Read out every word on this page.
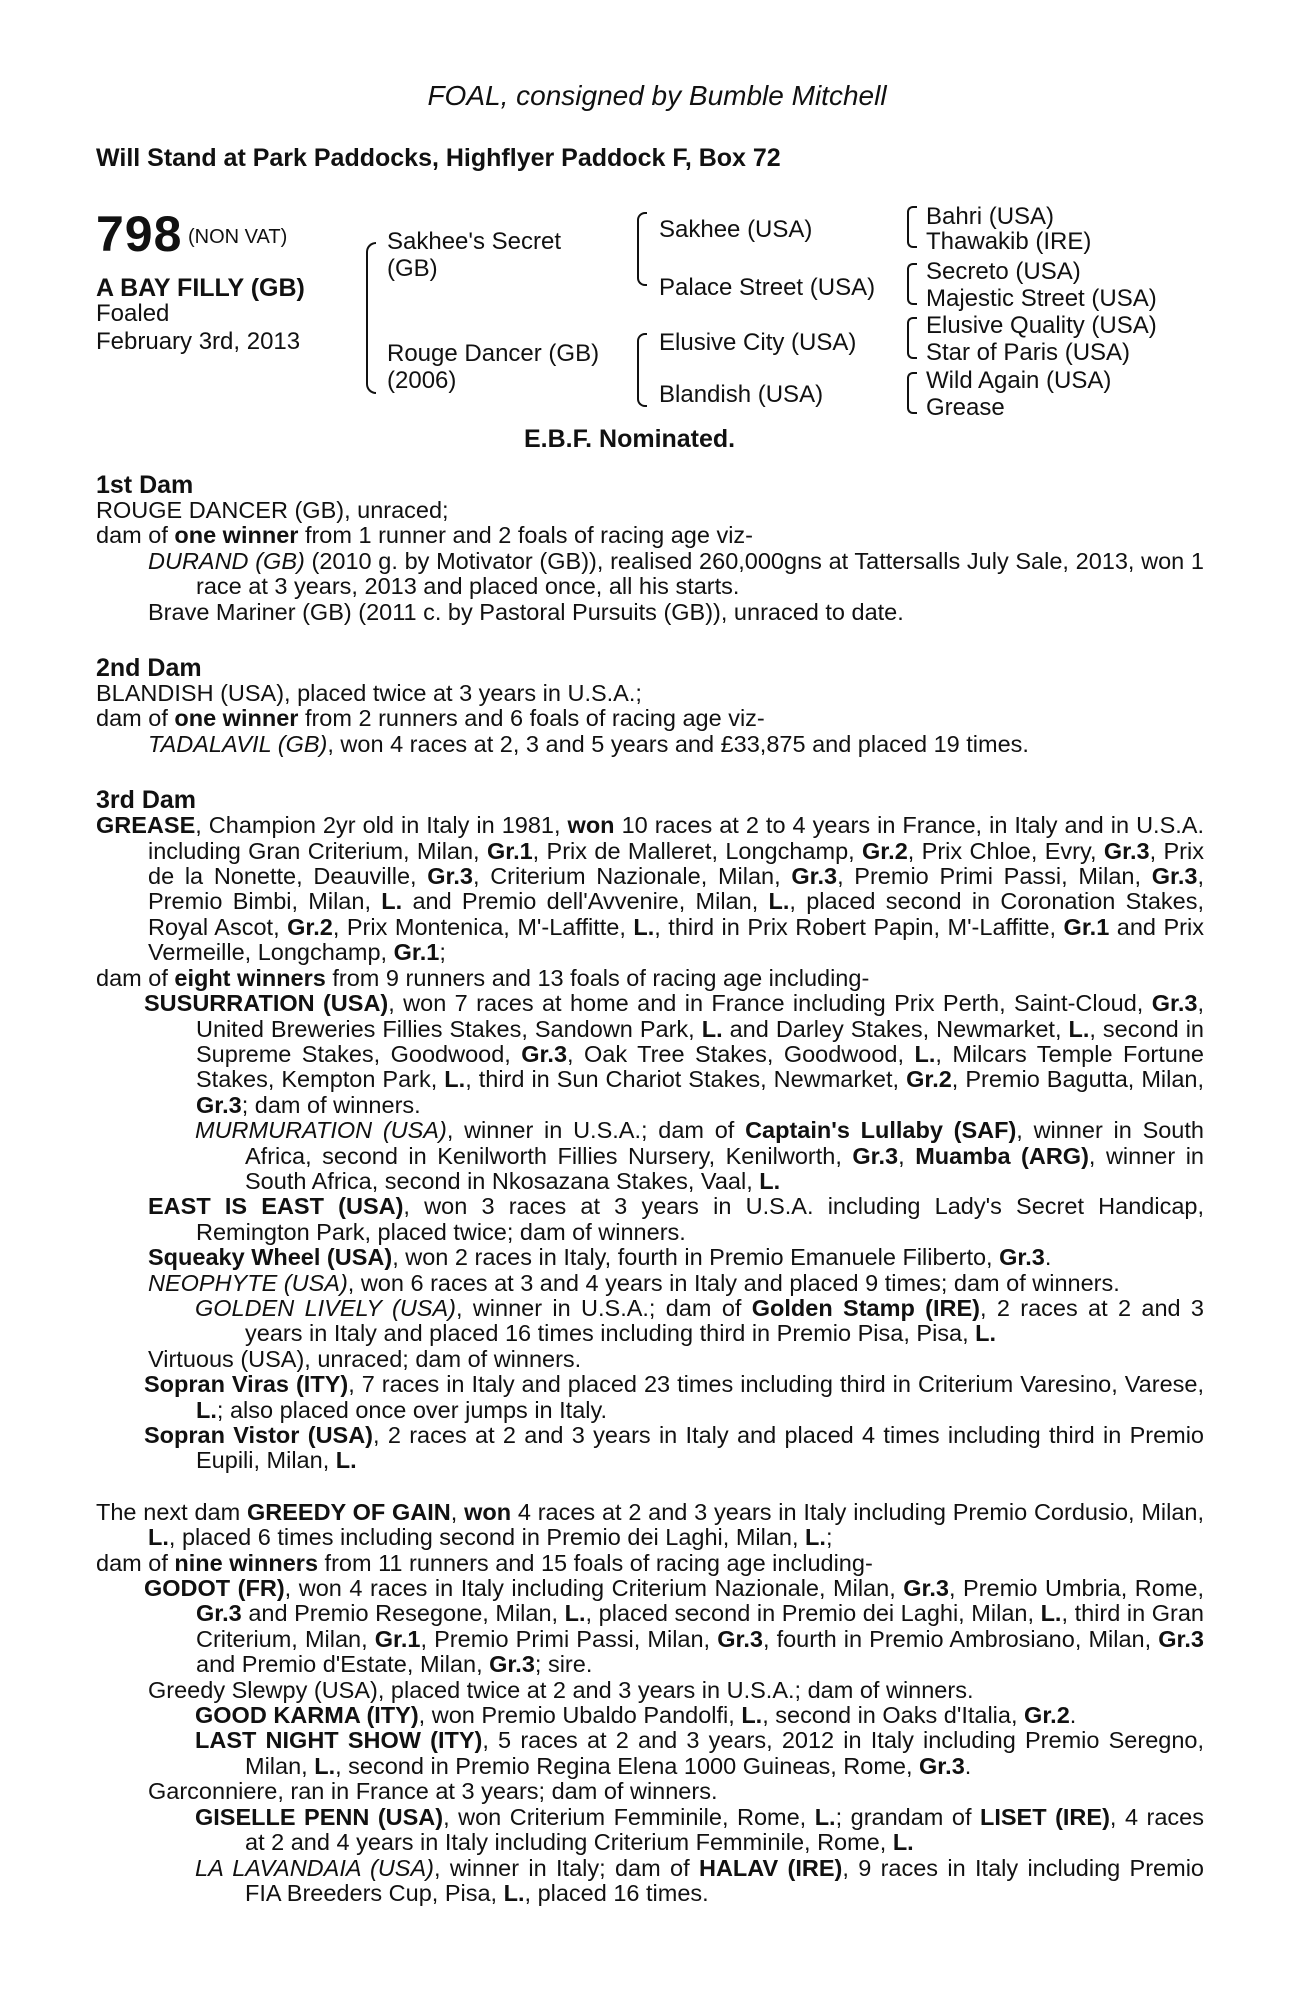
FOAL, consigned by Bumble Mitchell
Will Stand at Park Paddocks, Highflyer Paddock F, Box 72
798 (NON VAT)
A BAY FILLY (GB)
Foaled
February 3rd, 2013
Sakhee's Secret
(GB)
Rouge Dancer (GB)
(2006)
Sakhee (USA)
Palace Street (USA)
Elusive City (USA)
Blandish (USA)
Bahri (USA)
Thawakib (IRE)
Secreto (USA)
Majestic Street (USA)
Elusive Quality (USA)
Star of Paris (USA)
Wild Again (USA)
Grease
E.B.F. Nominated.
1st Dam

ROUGE DANCER (GB), unraced;

dam of one winner from 1 runner and 2 foals of racing age viz-

DURAND (GB) (2010 g. by Motivator (GB)), realised 260,000gns at Tattersalls July Sale, 2013, won 1 race at 3 years, 2013 and placed once, all his starts.

Brave Mariner (GB) (2011 c. by Pastoral Pursuits (GB)), unraced to date.

2nd Dam

BLANDISH (USA), placed twice at 3 years in U.S.A.;

dam of one winner from 2 runners and 6 foals of racing age viz-

TADALAVIL (GB), won 4 races at 2, 3 and 5 years and £33,875 and placed 19 times.

3rd Dam

GREASE, Champion 2yr old in Italy in 1981, won 10 races at 2 to 4 years in France, in Italy and in U.S.A. including Gran Criterium, Milan, Gr.1, Prix de Malleret, Longchamp, Gr.2, Prix Chloe, Evry, Gr.3, Prix de la Nonette, Deauville, Gr.3, Criterium Nazionale, Milan, Gr.3, Premio Primi Passi, Milan, Gr.3, Premio Bimbi, Milan, L. and Premio dell'Avvenire, Milan, L., placed second in Coronation Stakes, Royal Ascot, Gr.2, Prix Montenica, M'-Laffitte, L., third in Prix Robert Papin, M'-Laffitte, Gr.1 and Prix Vermeille, Longchamp, Gr.1;

dam of eight winners from 9 runners and 13 foals of racing age including-

SUSURRATION (USA), won 7 races at home and in France including Prix Perth, Saint-Cloud, Gr.3, United Breweries Fillies Stakes, Sandown Park, L. and Darley Stakes, Newmarket, L., second in Supreme Stakes, Goodwood, Gr.3, Oak Tree Stakes, Goodwood, L., Milcars Temple Fortune Stakes, Kempton Park, L., third in Sun Chariot Stakes, Newmarket, Gr.2, Premio Bagutta, Milan, Gr.3; dam of winners.

MURMURATION (USA), winner in U.S.A.; dam of Captain's Lullaby (SAF), winner in South Africa, second in Kenilworth Fillies Nursery, Kenilworth, Gr.3, Muamba (ARG), winner in South Africa, second in Nkosazana Stakes, Vaal, L.

EAST IS EAST (USA), won 3 races at 3 years in U.S.A. including Lady's Secret Handicap, Remington Park, placed twice; dam of winners.

Squeaky Wheel (USA), won 2 races in Italy, fourth in Premio Emanuele Filiberto, Gr.3.

NEOPHYTE (USA), won 6 races at 3 and 4 years in Italy and placed 9 times; dam of winners.

GOLDEN LIVELY (USA), winner in U.S.A.; dam of Golden Stamp (IRE), 2 races at 2 and 3 years in Italy and placed 16 times including third in Premio Pisa, Pisa, L.

Virtuous (USA), unraced; dam of winners.

Sopran Viras (ITY), 7 races in Italy and placed 23 times including third in Criterium Varesino, Varese, L.; also placed once over jumps in Italy.

Sopran Vistor (USA), 2 races at 2 and 3 years in Italy and placed 4 times including third in Premio Eupili, Milan, L.

The next dam GREEDY OF GAIN, won 4 races at 2 and 3 years in Italy including Premio Cordusio, Milan, L., placed 6 times including second in Premio dei Laghi, Milan, L.;

dam of nine winners from 11 runners and 15 foals of racing age including-

GODOT (FR), won 4 races in Italy including Criterium Nazionale, Milan, Gr.3, Premio Umbria, Rome, Gr.3 and Premio Resegone, Milan, L., placed second in Premio dei Laghi, Milan, L., third in Gran Criterium, Milan, Gr.1, Premio Primi Passi, Milan, Gr.3, fourth in Premio Ambrosiano, Milan, Gr.3 and Premio d'Estate, Milan, Gr.3; sire.

Greedy Slewpy (USA), placed twice at 2 and 3 years in U.S.A.; dam of winners.

GOOD KARMA (ITY), won Premio Ubaldo Pandolfi, L., second in Oaks d'Italia, Gr.2.

LAST NIGHT SHOW (ITY), 5 races at 2 and 3 years, 2012 in Italy including Premio Seregno, Milan, L., second in Premio Regina Elena 1000 Guineas, Rome, Gr.3.

Garconniere, ran in France at 3 years; dam of winners.

GISELLE PENN (USA), won Criterium Femminile, Rome, L.; grandam of LISET (IRE), 4 races at 2 and 4 years in Italy including Criterium Femminile, Rome, L.

LA LAVANDAIA (USA), winner in Italy; dam of HALAV (IRE), 9 races in Italy including Premio FIA Breeders Cup, Pisa, L., placed 16 times.
